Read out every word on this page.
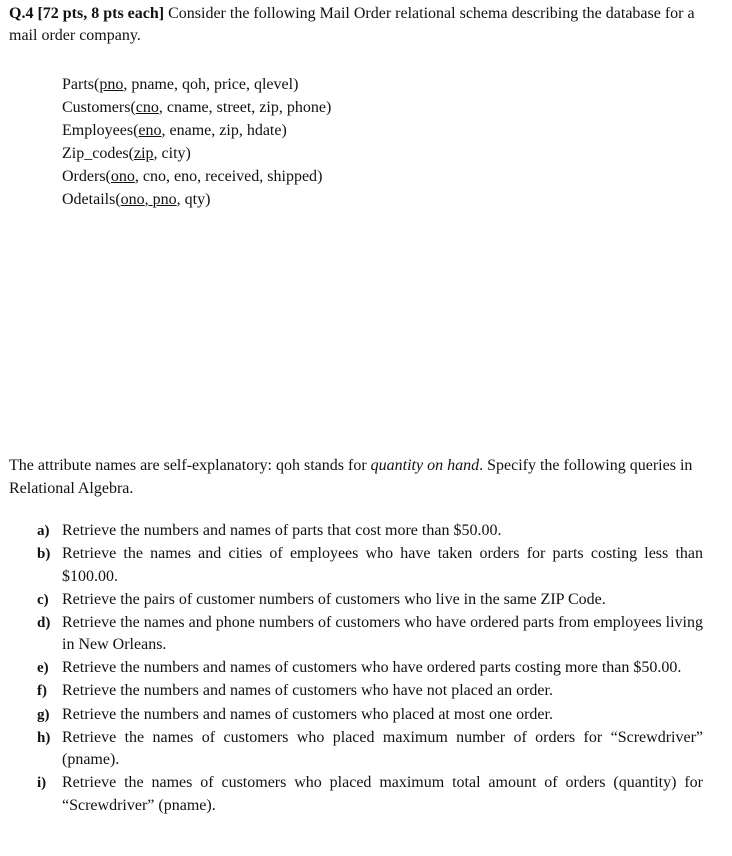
Q.4 [72 pts, 8 pts each] Consider the following Mail Order relational schema describing the database for a mail order company.
Parts(pno, pname, qoh, price, qlevel)
Customers(cno, cname, street, zip, phone)
Employees(eno, ename, zip, hdate)
Zip_codes(zip, city)
Orders(ono, cno, eno, received, shipped)
Odetails(ono, pno, qty)
The attribute names are self-explanatory: qoh stands for quantity on hand. Specify the following queries in Relational Algebra.
a) Retrieve the numbers and names of parts that cost more than $50.00.
b) Retrieve the names and cities of employees who have taken orders for parts costing less than $100.00.
c) Retrieve the pairs of customer numbers of customers who live in the same ZIP Code.
d) Retrieve the names and phone numbers of customers who have ordered parts from employees living in New Orleans.
e) Retrieve the numbers and names of customers who have ordered parts costing more than $50.00.
f) Retrieve the numbers and names of customers who have not placed an order.
g) Retrieve the numbers and names of customers who placed at most one order.
h) Retrieve the names of customers who placed maximum number of orders for “Screwdriver” (pname).
i) Retrieve the names of customers who placed maximum total amount of orders (quantity) for “Screwdriver” (pname).
